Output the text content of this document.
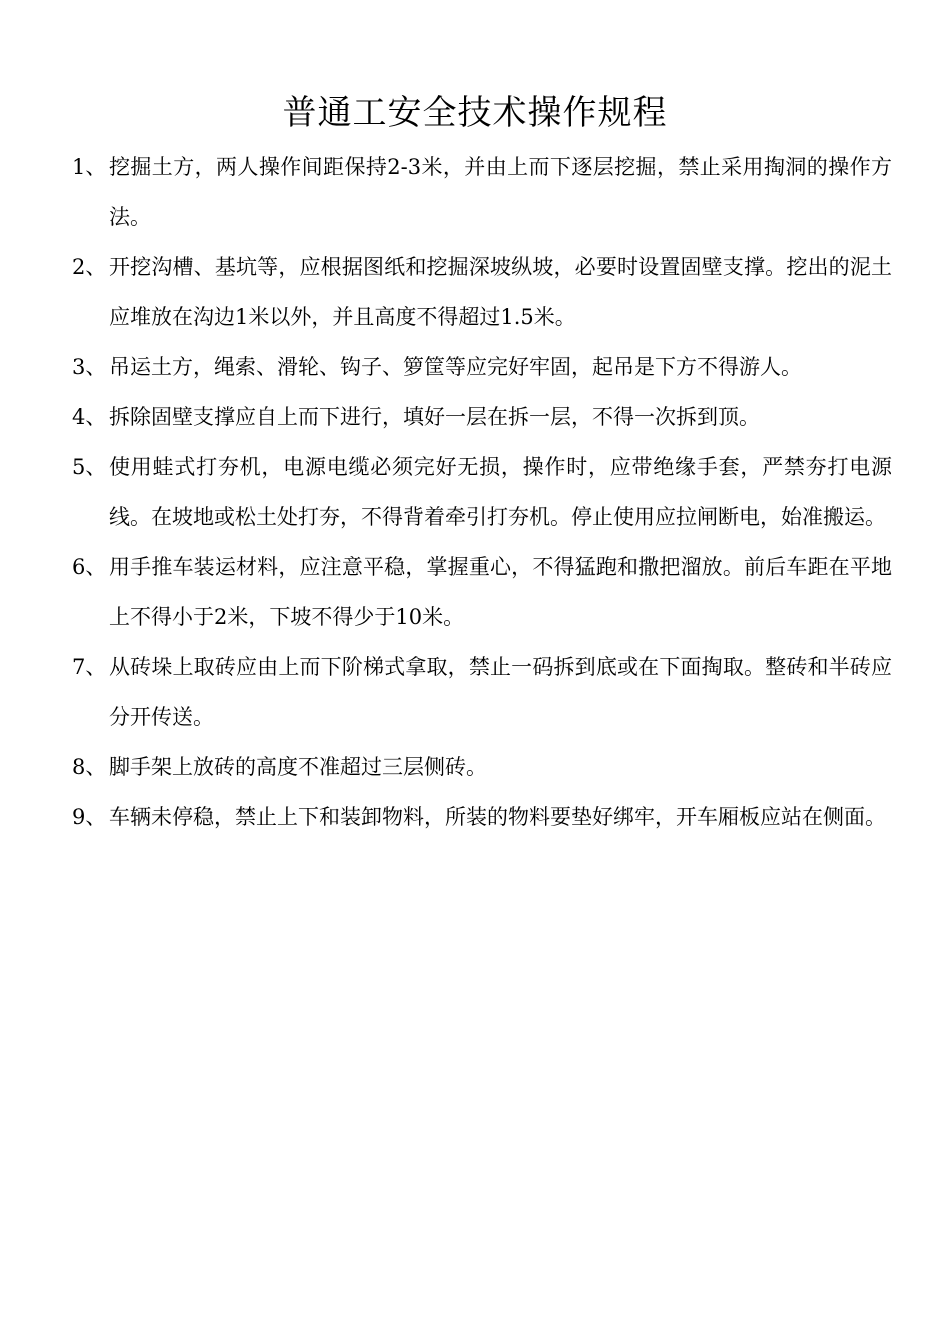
普通工安全技术操作规程
1、 挖掘土方，两人操作间距保持2-3米，并由上而下逐层挖掘，禁止采用掏洞的操作方法。
2、 开挖沟槽、基坑等，应根据图纸和挖掘深坡纵坡，必要时设置固壁支撑。挖出的泥土应堆放在沟边1米以外，并且高度不得超过1.5米。
3、 吊运土方，绳索、滑轮、钩子、箩筐等应完好牢固，起吊是下方不得游人。
4、 拆除固壁支撑应自上而下进行，填好一层在拆一层，不得一次拆到顶。
5、 使用蛙式打夯机，电源电缆必须完好无损，操作时，应带绝缘手套，严禁夯打电源线。在坡地或松土处打夯，不得背着牵引打夯机。停止使用应拉闸断电，始准搬运。
6、 用手推车装运材料，应注意平稳，掌握重心，不得猛跑和撒把溜放。前后车距在平地上不得小于2米，下坡不得少于10米。
7、 从砖垛上取砖应由上而下阶梯式拿取，禁止一码拆到底或在下面掏取。整砖和半砖应分开传送。
8、 脚手架上放砖的高度不准超过三层侧砖。
9、 车辆未停稳，禁止上下和装卸物料，所装的物料要垫好绑牢，开车厢板应站在侧面。
